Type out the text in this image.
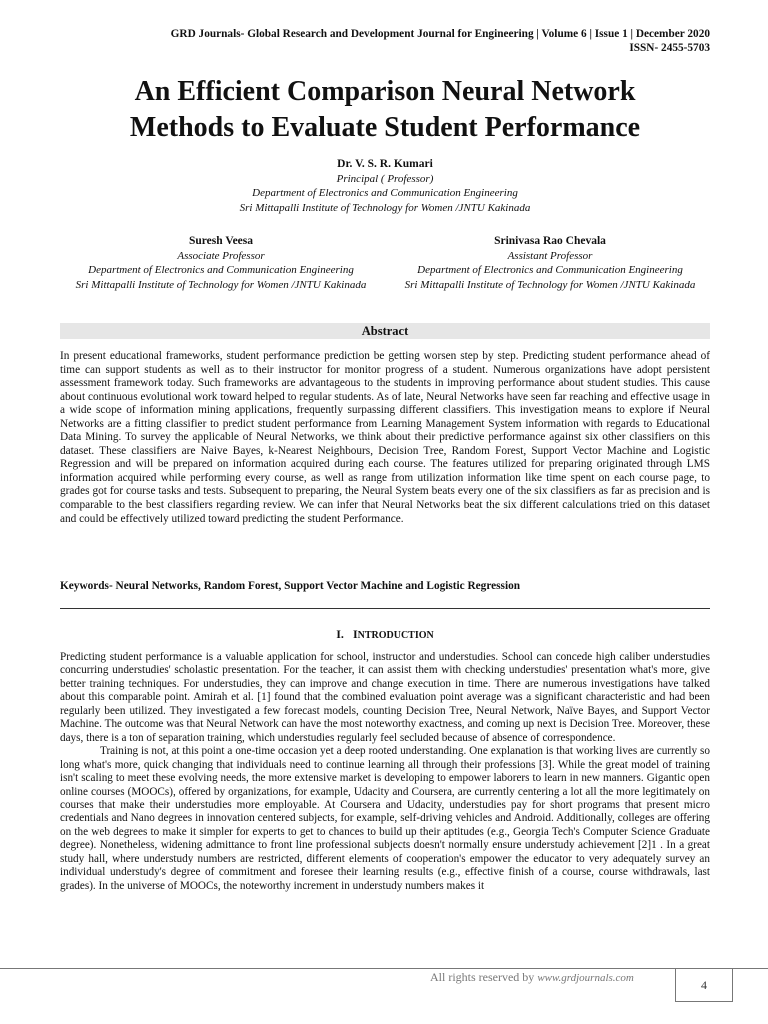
GRD Journals- Global Research and Development Journal for Engineering | Volume 6 | Issue 1 | December 2020
ISSN- 2455-5703
An Efficient Comparison Neural Network
Methods to Evaluate Student Performance
Dr. V. S. R. Kumari
Principal ( Professor)
Department of Electronics and Communication Engineering
Sri Mittapalli Institute of Technology for Women /JNTU Kakinada
Suresh Veesa
Associate Professor
Department of Electronics and Communication Engineering
Sri Mittapalli Institute of Technology for Women /JNTU Kakinada
Srinivasa Rao Chevala
Assistant Professor
Department of Electronics and Communication Engineering
Sri Mittapalli Institute of Technology for Women /JNTU Kakinada
Abstract

In present educational frameworks, student performance prediction be getting worsen step by step. Predicting student performance ahead of time can support students as well as to their instructor for monitor progress of a student. Numerous organizations have adopt persistent assessment framework today. Such frameworks are advantageous to the students in improving performance about student studies. This cause about continuous evolutional work toward helped to regular students. As of late, Neural Networks have seen far reaching and effective usage in a wide scope of information mining applications, frequently surpassing different classifiers. This investigation means to explore if Neural Networks are a fitting classifier to predict student performance from Learning Management System information with regards to Educational Data Mining. To survey the applicable of Neural Networks, we think about their predictive performance against six other classifiers on this dataset. These classifiers are Naive Bayes, k-Nearest Neighbours, Decision Tree, Random Forest, Support Vector Machine and Logistic Regression and will be prepared on information acquired during each course. The features utilized for preparing originated through LMS information acquired while performing every course, as well as range from utilization information like time spent on each course page, to grades got for course tasks and tests. Subsequent to preparing, the Neural System beats every one of the six classifiers as far as precision and is comparable to the best classifiers regarding review. We can infer that Neural Networks beat the six different calculations tried on this dataset and could be effectively utilized toward predicting the student Performance.

Keywords- Neural Networks, Random Forest, Support Vector Machine and Logistic Regression
I. INTRODUCTION

Predicting student performance is a valuable application for school, instructor and understudies. School can concede high caliber understudies concurring understudies' scholastic presentation. For the teacher, it can assist them with checking understudies' presentation what's more, give better training techniques. For understudies, they can improve and change execution in time. There are numerous investigations have talked about this comparable point. Amirah et al. [1] found that the combined evaluation point average was a significant characteristic and had been regularly been utilized. They investigated a few forecast models, counting Decision Tree, Neural Network, Naïve Bayes, and Support Vector Machine. The outcome was that Neural Network can have the most noteworthy exactness, and coming up next is Decision Tree. Moreover, these days, there is a ton of separation training, which understudies regularly feel secluded because of absence of correspondence.

Training is not, at this point a one-time occasion yet a deep rooted understanding. One explanation is that working lives are currently so long what's more, quick changing that individuals need to continue learning all through their professions [3]. While the great model of training isn't scaling to meet these evolving needs, the more extensive market is developing to empower laborers to learn in new manners. Gigantic open online courses (MOOCs), offered by organizations, for example, Udacity and Coursera, are currently centering a lot all the more legitimately on courses that make their understudies more employable. At Coursera and Udacity, understudies pay for short programs that present micro credentials and Nano degrees in innovation centered subjects, for example, self-driving vehicles and Android. Additionally, colleges are offering on the web degrees to make it simpler for experts to get to chances to build up their aptitudes (e.g., Georgia Tech's Computer Science Graduate degree). Nonetheless, widening admittance to front line professional subjects doesn't normally ensure understudy achievement [2]1 . In a great study hall, where understudy numbers are restricted, different elements of cooperation's empower the educator to very adequately survey an individual understudy's degree of commitment and foresee their learning results (e.g., effective finish of a course, course withdrawals, last grades). In the universe of MOOCs, the noteworthy increment in understudy numbers makes it

All rights reserved by www.grdjournals.com	4
